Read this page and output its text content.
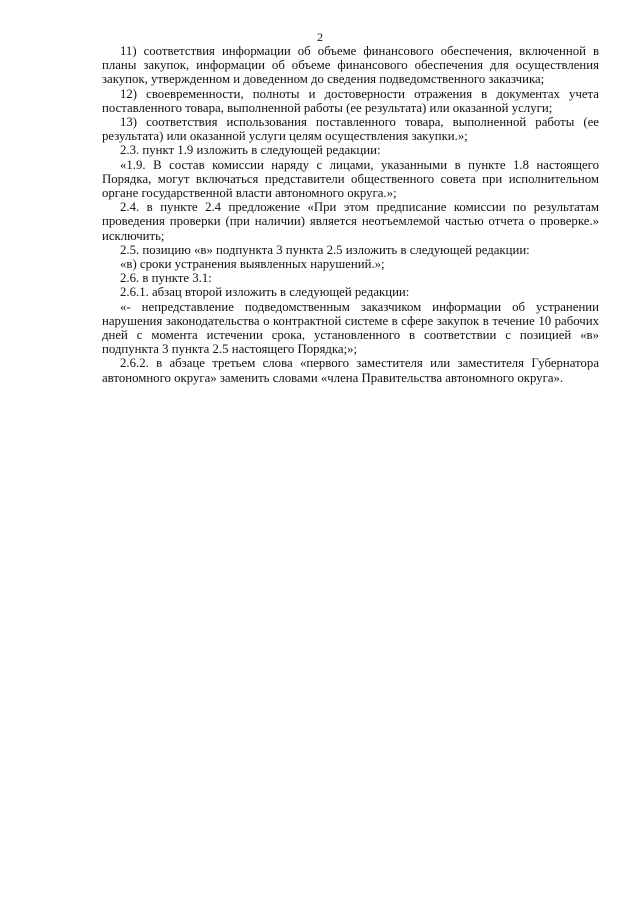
2

11) соответствия информации об объеме финансового обеспечения, включенной в планы закупок, информации об объеме финансового обеспечения для осуществления закупок, утвержденном и доведенном до сведения подведомственного заказчика;

12) своевременности, полноты и достоверности отражения в документах учета поставленного товара, выполненной работы (ее результата) или оказанной услуги;

13) соответствия использования поставленного товара, выполненной работы (ее результата) или оказанной услуги целям осуществления закупки.»;

2.3. пункт 1.9 изложить в следующей редакции:

«1.9. В состав комиссии наряду с лицами, указанными в пункте 1.8 настоящего Порядка, могут включаться представители общественного совета при исполнительном органе государственной власти автономного округа.»;

2.4. в пункте 2.4 предложение «При этом предписание комиссии по результатам проведения проверки (при наличии) является неотъемлемой частью отчета о проверке.» исключить;

2.5. позицию «в» подпункта 3 пункта 2.5 изложить в следующей редакции:

«в) сроки устранения выявленных нарушений.»;

2.6. в пункте 3.1:

2.6.1. абзац второй изложить в следующей редакции:

«- непредставление подведомственным заказчиком информации об устранении нарушения законодательства о контрактной системе в сфере закупок в течение 10 рабочих дней с момента истечении срока, установленного в соответствии с позицией «в» подпункта 3 пункта 2.5 настоящего Порядка;»;

2.6.2. в абзаце третьем слова «первого заместителя или заместителя Губернатора автономного округа» заменить словами «члена Правительства автономного округа».
